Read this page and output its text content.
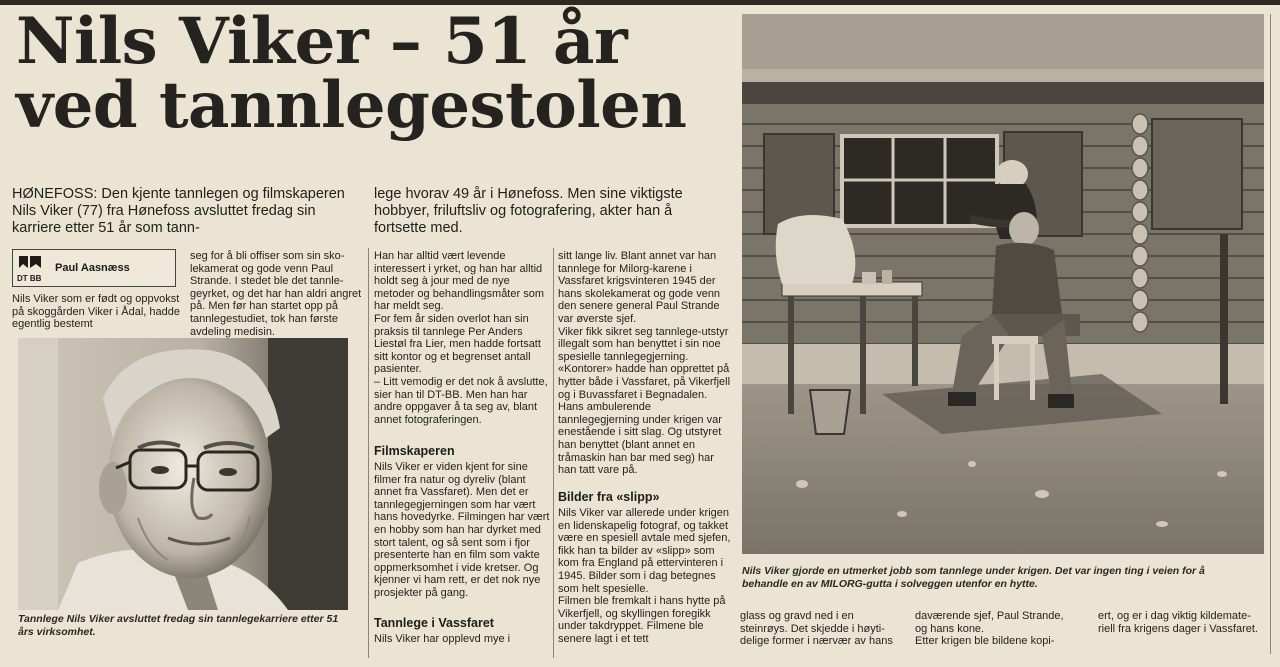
Nils Viker – 51 år
ved tannlegestolen
HØNEFOSS: Den kjente tannlegen og filmskaperen Nils Viker (77) fra Hønefoss avsluttet fredag sin karriere etter 51 år som tann-
lege hvorav 49 år i Hønefoss. Men sine viktigste hobbyer, friluftsliv og fotografering, akter han å fortsette med.
DT BB
Paul Aasnæss

seg for å bli offiser som sin skolekamerat og gode venn Paul Strande. I stedet ble det tannlegeyrket, og det har han aldri angret på. Men før han startet opp på tannlegestudiet, tok han første avdeling medisin.

Nils Viker som er født og oppvokst på skoggården Viker i Ådal, hadde egentlig bestemt

Tannlege Nils Viker avsluttet fredag sin tannlegekarriere etter 51 års virksomhet.

Han har alltid vært levende interessert i yrket, og han har alltid holdt seg à jour med de nye metoder og behandlingsmåter som har meldt seg.
For fem år siden overlot han sin praksis til tannlege Per Anders Liestøl fra Lier, men hadde fortsatt sitt kontor og et begrenset antall pasienter.
– Litt vemodig er det nok å avslutte, sier han til DT-BB. Men han har andre oppgaver å ta seg av, blant annet fotograferingen.

Filmskaperen

Nils Viker er viden kjent for sine filmer fra natur og dyreliv (blant annet fra Vassfaret). Men det er tannlegegjerningen som har vært hans hovedyrke. Filmingen har vært en hobby som han har dyrket med stort talent, og så sent som i fjor presenterte han en film som vakte oppmerksomhet i vide kretser. Og kjenner vi ham rett, er det nok nye prosjekter på gang.

Tannlege i Vassfaret

Nils Viker har opplevd mye i

sitt lange liv. Blant annet var han tannlege for Milorg-karene i Vassfaret krigsvinteren 1945 der hans skolekamerat og gode venn den senere general Paul Strande var øverste sjef.
Viker fikk sikret seg tannlege-utstyr illegalt som han benyttet i sin noe spesielle tannlegegjerning. «Kontorer» hadde han opprettet på hytter både i Vassfaret, på Vikerfjell og i Buvassfaret i Begnadalen. Hans ambulerende tannlegegjerning under krigen var enestående i sitt slag. Og utstyret han benyttet (blant annet en tråmaskin han bar med seg) har han tatt vare på.

Bilder fra «slipp»

Nils Viker var allerede under krigen en lidenskapelig fotograf, og takket være en spesiell avtale med sjefen, fikk han ta bilder av «slipp» som kom fra England på ettervinteren i 1945. Bilder som i dag betegnes som helt spesielle.
Filmen ble fremkalt i hans hytte på Vikerfjell, og skyllingen foregikk under takdryppet. Filmene ble senere lagt i et tett

Nils Viker gjorde en utmerket jobb som tannlege under krigen. Det var ingen ting i veien for å behandle en av MILORG-gutta i solveggen utenfor en hytte.

glass og gravd ned i en steinrøys. Det skjedde i høytidelige former i nærvær av hans

daværende sjef, Paul Strande, og hans kone.
Etter krigen ble bildene kopi-

ert, og er i dag viktig kildemateriell fra krigens dager i Vassfaret.
